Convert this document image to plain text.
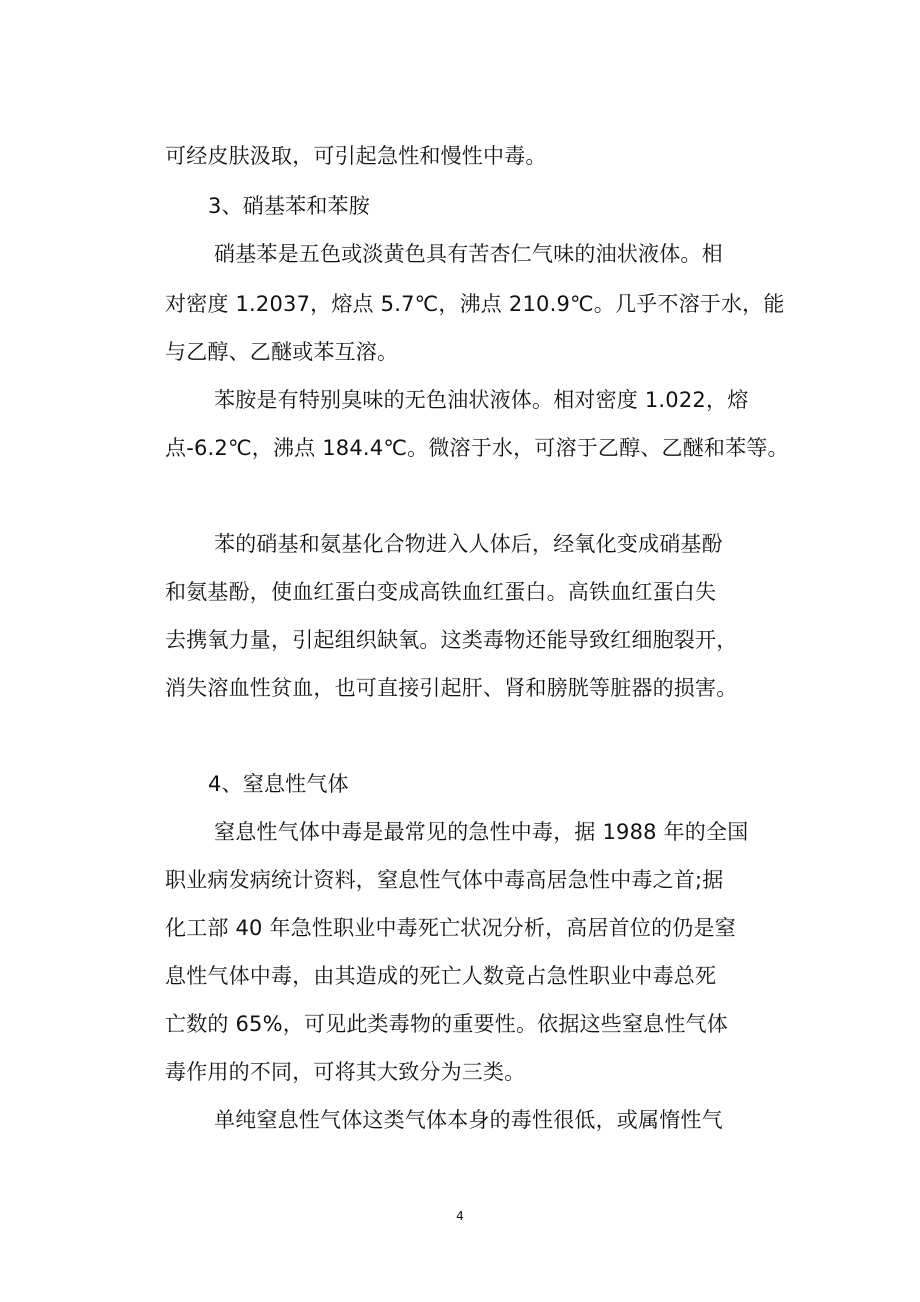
可经皮肤汲取，可引起急性和慢性中毒。
3、硝基苯和苯胺
硝基苯是五色或淡黄色具有苦杏仁气味的油状液体。相
对密度 1.2037，熔点 5.7℃，沸点 210.9℃。几乎不溶于水，能
与乙醇、乙醚或苯互溶。
苯胺是有特别臭味的无色油状液体。相对密度 1.022，熔
点-6.2℃，沸点 184.4℃。微溶于水，可溶于乙醇、乙醚和苯等。
苯的硝基和氨基化合物进入人体后，经氧化变成硝基酚
和氨基酚，使血红蛋白变成高铁血红蛋白。高铁血红蛋白失
去携氧力量，引起组织缺氧。这类毒物还能导致红细胞裂开，
消失溶血性贫血，也可直接引起肝、肾和膀胱等脏器的损害。
4、窒息性气体
窒息性气体中毒是最常见的急性中毒，据 1988 年的全国
职业病发病统计资料，窒息性气体中毒高居急性中毒之首;据
化工部 40 年急性职业中毒死亡状况分析，高居首位的仍是窒
息性气体中毒，由其造成的死亡人数竟占急性职业中毒总死
亡数的 65%，可见此类毒物的重要性。依据这些窒息性气体
毒作用的不同，可将其大致分为三类。
单纯窒息性气体这类气体本身的毒性很低，或属惰性气
4
